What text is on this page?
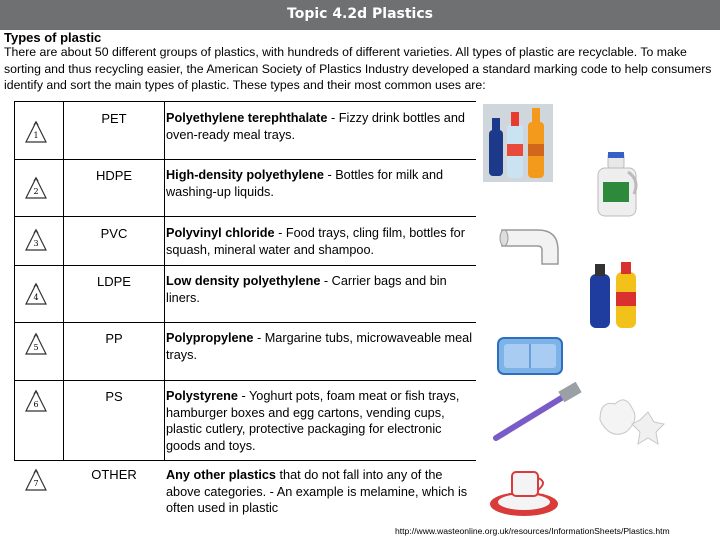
Topic 4.2d Plastics
Types of plastic
There are about 50 different groups of plastics, with hundreds of different varieties. All types of plastic are recyclable. To make sorting and thus recycling easier, the American Society of Plastics Industry developed a standard marking code to help consumers identify and sort the main types of plastic. These types and their most common uses are:
1
2
3
4
5
6
7
PET
HDPE
PVC
LDPE
PP
PS
OTHER
Polyethylene terephthalate - Fizzy drink bottles and oven-ready meal trays.
High-density polyethylene - Bottles for milk and washing-up liquids.
Polyvinyl chloride - Food trays, cling film, bottles for squash, mineral water and shampoo.
Low density polyethylene - Carrier bags and bin liners.
Polypropylene - Margarine tubs, microwaveable meal trays.
Polystyrene - Yoghurt pots, foam meat or fish trays, hamburger boxes and egg cartons, vending cups, plastic cutlery, protective packaging for electronic goods and toys.
Any other plastics that do not fall into any of the above categories. - An example is melamine, which is often used in plastic
http://www.wasteonline.org.uk/resources/InformationSheets/Plastics.htm
